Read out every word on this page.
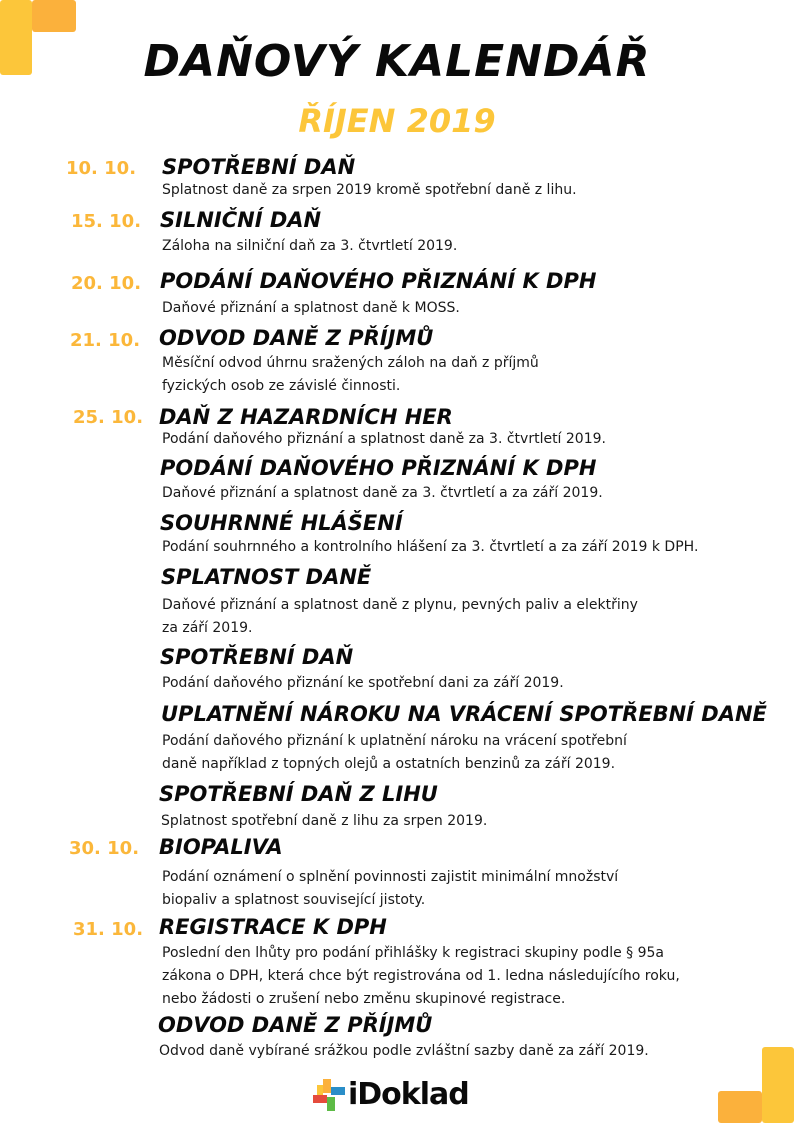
DAŇOVÝ KALENDÁŘ
ŘÍJEN 2019
10. 10.
15. 10.
20. 10.
21. 10.
25. 10.
30. 10.
31. 10.
SPOTŘEBNÍ DAŇ
Splatnost daně za srpen 2019 kromě spotřební daně z lihu.
SILNIČNÍ DAŇ
Záloha na silniční daň za 3. čtvrtletí 2019.
PODÁNÍ DAŇOVÉHO PŘIZNÁNÍ K DPH
Daňové přiznání a splatnost daně k MOSS.
ODVOD DANĚ Z PŘÍJMŮ
Měsíční odvod úhrnu sražených záloh na daň z příjmů
fyzických osob ze závislé činnosti.
DAŇ Z HAZARDNÍCH HER
Podání daňového přiznání a splatnost daně za 3. čtvrtletí 2019.
PODÁNÍ DAŇOVÉHO PŘIZNÁNÍ K DPH
Daňové přiznání a splatnost daně za 3. čtvrtletí a za září 2019.
SOUHRNNÉ HLÁŠENÍ
Podání souhrnného a kontrolního hlášení za 3. čtvrtletí a za září 2019 k DPH.
SPLATNOST DANĚ
Daňové přiznání a splatnost daně z plynu, pevných paliv a elektřiny
za září 2019.
SPOTŘEBNÍ DAŇ
Podání daňového přiznání ke spotřební dani za září 2019.
UPLATNĚNÍ NÁROKU NA VRÁCENÍ SPOTŘEBNÍ DANĚ
Podání daňového přiznání k uplatnění nároku na vrácení spotřební
daně například z topných olejů a ostatních benzinů za září 2019.
SPOTŘEBNÍ DAŇ Z LIHU
Splatnost spotřební daně z lihu za srpen 2019.
BIOPALIVA
Podání oznámení o splnění povinnosti zajistit minimální množství
biopaliv a splatnost související jistoty.
REGISTRACE K DPH
Poslední den lhůty pro podání přihlášky k registraci skupiny podle § 95a
zákona o DPH, která chce být registrována od 1. ledna následujícího roku,
nebo žádosti o zrušení nebo změnu skupinové registrace.
ODVOD DANĚ Z PŘÍJMŮ
Odvod daně vybírané srážkou podle zvláštní sazby daně za září 2019.
iDoklad
